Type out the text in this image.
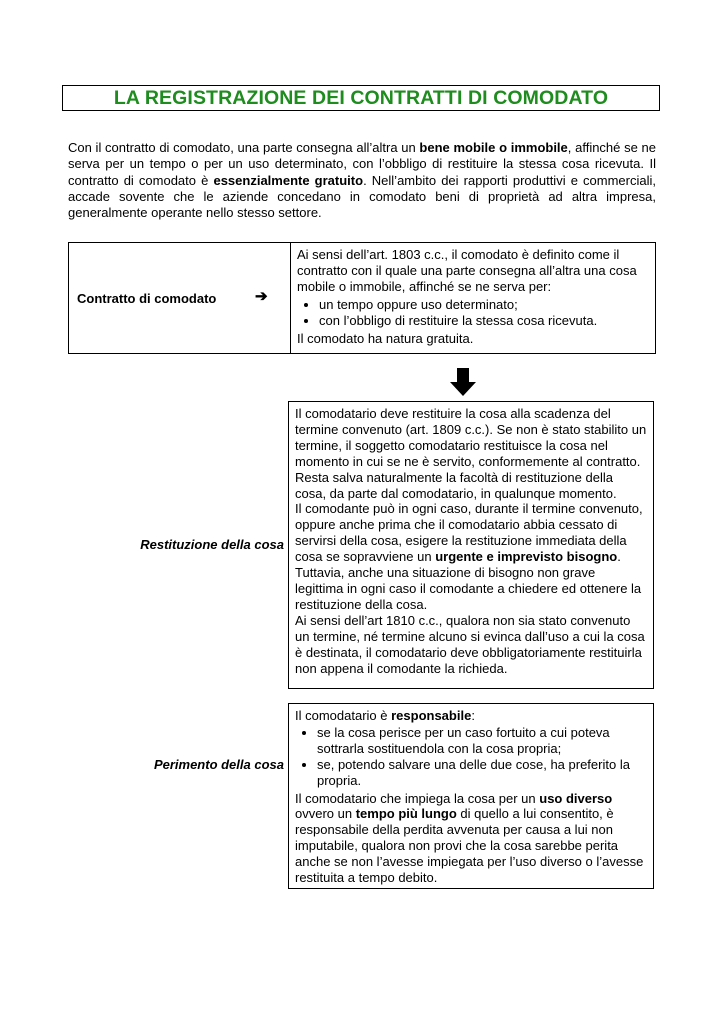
LA REGISTRAZIONE DEI CONTRATTI DI COMODATO

Con il contratto di comodato, una parte consegna all’altra un bene mobile o immobile, affinché se ne serva per un tempo o per un uso determinato, con l’obbligo di restituire la stessa cosa ricevuta. Il contratto di comodato è essenzialmente gratuito. Nell’ambito dei rapporti produttivi e commerciali, accade sovente che le aziende concedano in comodato beni di proprietà ad altra impresa, generalmente operante nello stesso settore.

Contratto di comodato	➔

Ai sensi dell’art. 1803 c.c., il comodato è definito come il contratto con il quale una parte consegna all’altra una cosa mobile o immobile, affinché se ne serva per:

• un tempo oppure uso determinato;
• con l’obbligo di restituire la stessa cosa ricevuta.

Il comodato ha natura gratuita.

Restituzione della cosa

Il comodatario deve restituire la cosa alla scadenza del termine convenuto (art. 1809 c.c.). Se non è stato stabilito un termine, il soggetto comodatario restituisce la cosa nel momento in cui se ne è servito, conformemente al contratto. Resta salva naturalmente la facoltà di restituzione della cosa, da parte dal comodatario, in qualunque momento.

Il comodante può in ogni caso, durante il termine convenuto, oppure anche prima che il comodatario abbia cessato di servirsi della cosa, esigere la restituzione immediata della cosa se sopravviene un urgente e imprevisto bisogno. Tuttavia, anche una situazione di bisogno non grave legittima in ogni caso il comodante a chiedere ed ottenere la restituzione della cosa.

Ai sensi dell’art 1810 c.c., qualora non sia stato convenuto un termine, né termine alcuno si evinca dall’uso a cui la cosa è destinata, il comodatario deve obbligatoriamente restituirla non appena il comodante la richieda.

Perimento della cosa

Il comodatario è responsabile:

• se la cosa perisce per un caso fortuito a cui poteva sottrarla sostituendola con la cosa propria;
• se, potendo salvare una delle due cose, ha preferito la propria.

Il comodatario che impiega la cosa per un uso diverso ovvero un tempo più lungo di quello a lui consentito, è responsabile della perdita avvenuta per causa a lui non imputabile, qualora non provi che la cosa sarebbe perita anche se non l’avesse impiegata per l’uso diverso o l’avesse restituita a tempo debito.
